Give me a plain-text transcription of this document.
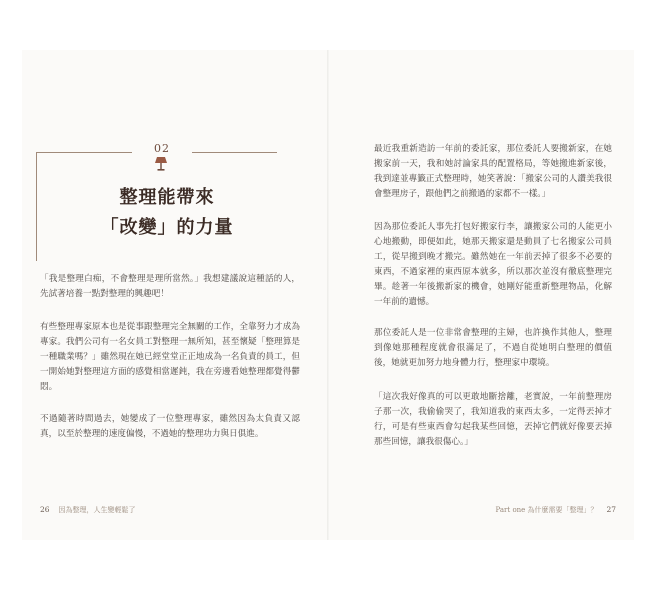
02
整理能帶來
「改變」的力量

「我是整理白痴，不會整理是理所當然。」我想建議說這種話的人，先試著培養一點對整理的興趣吧！

有些整理專家原本也是從事跟整理完全無關的工作，全靠努力才成為專家。我們公司有一名女員工對整理一無所知，甚至懷疑「整理算是一種職業嗎？」雖然現在她已經堂堂正正地成為一名負責的員工，但一開始她對整理這方面的感覺相當遲鈍，我在旁邊看她整理都覺得鬱悶。

不過隨著時間過去，她變成了一位整理專家，雖然因為太負責又認真，以至於整理的速度偏慢，不過她的整理功力與日俱進。

26 因為整理，人生變輕鬆了

最近我重新造訪一年前的委託家，那位委託人要搬新家，在她搬家前一天，我和她討論家具的配置格局，等她搬進新家後，我到達並專籤正式整理時，她笑著說：「搬家公司的人讚美我很會整理房子，跟他們之前搬過的家都不一樣。」

因為那位委託人事先打包好搬家行李，讓搬家公司的人能更小心地搬動，即便如此，她那天搬家還是動員了七名搬家公司員工，從早搬到晚才搬完。雖然她在一年前丟掉了很多不必要的東西，不過家裡的東西原本就多，所以那次並沒有徹底整理完畢。趁著一年後搬新家的機會，她剛好能重新整理物品，化解一年前的遺憾。

那位委託人是一位非常會整理的主婦，也許換作其他人，整理到像她那種程度就會很滿足了，不過自從她明白整理的價值後，她就更加努力地身體力行，整理家中環境。

「這次我好像真的可以更敢地斷捨離，老實說，一年前整理房子那一次，我偷偷哭了，我知道我的東西太多，一定得丟掉才行，可是有些東西會勾起我某些回憶，丟掉它們就好像要丟掉那些回憶，讓我很傷心。」

Part one 為什麼需要「整理」？ 27
